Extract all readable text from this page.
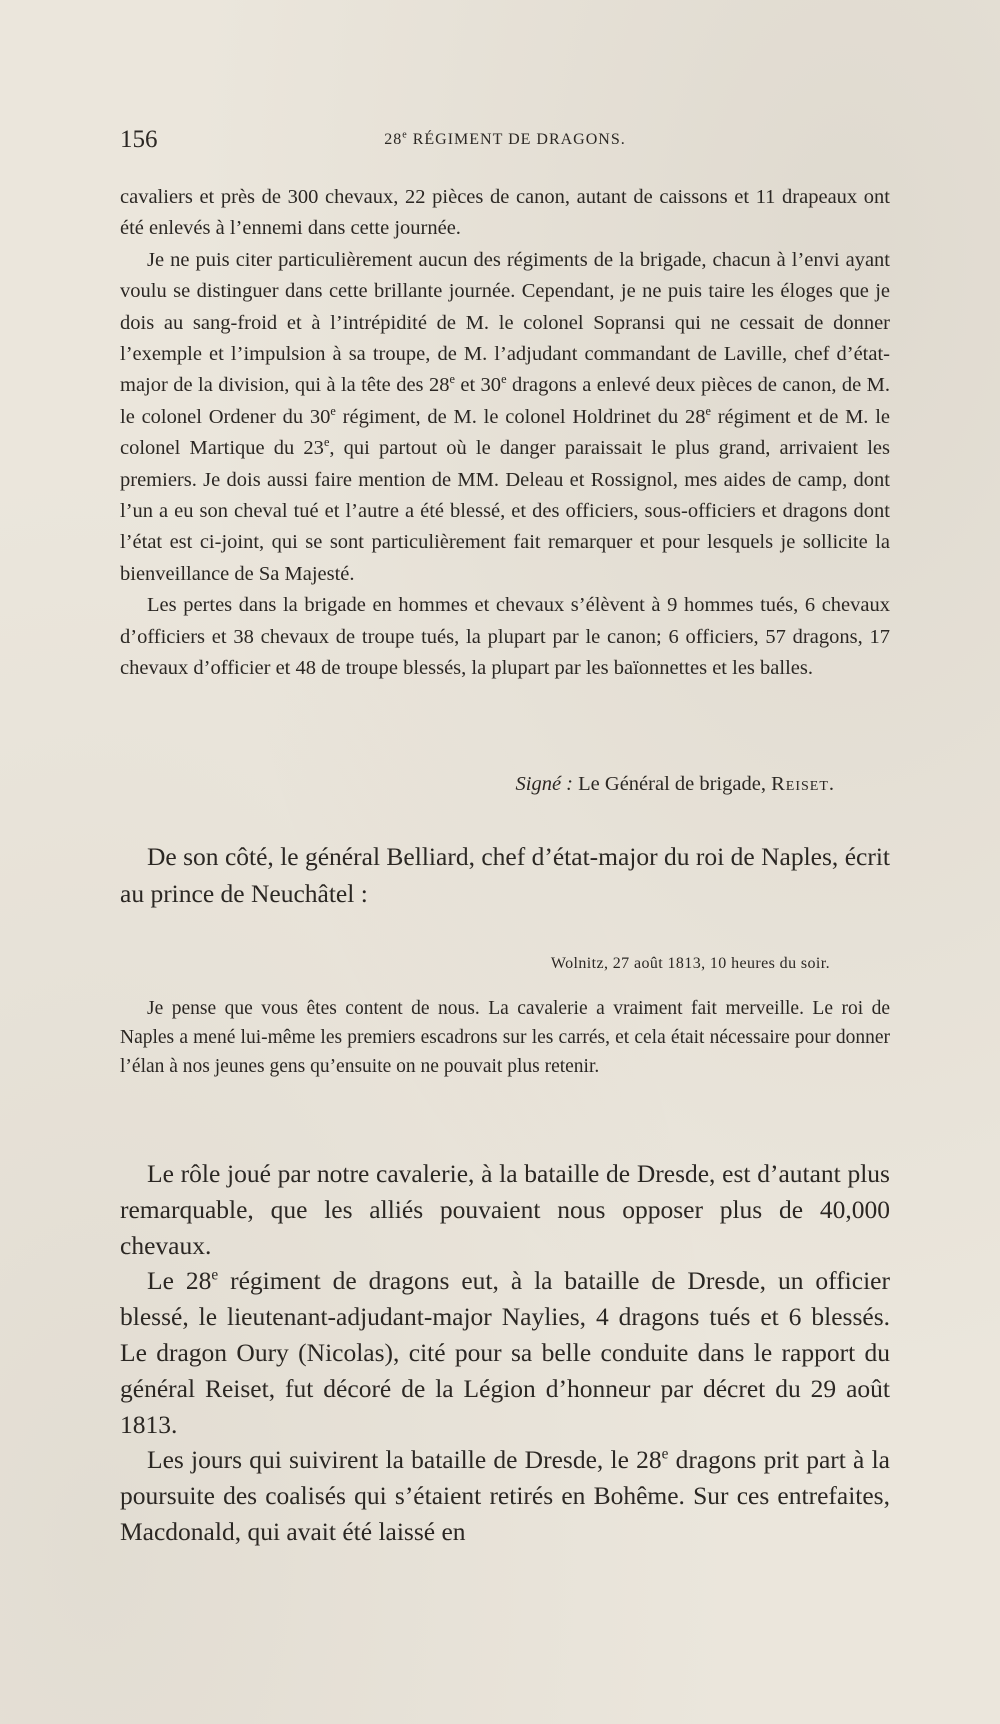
156	28e RÉGIMENT DE DRAGONS.

cavaliers et près de 300 chevaux, 22 pièces de canon, autant de caissons et 11 drapeaux ont été enlevés à l’ennemi dans cette journée.

Je ne puis citer particulièrement aucun des régiments de la brigade, chacun à l’envi ayant voulu se distinguer dans cette brillante journée. Cependant, je ne puis taire les éloges que je dois au sang-froid et à l’intrépidité de M. le colonel Sopransi qui ne cessait de donner l’exemple et l’impulsion à sa troupe, de M. l’adjudant commandant de Laville, chef d’état-major de la division, qui à la tête des 28e et 30e dragons a enlevé deux pièces de canon, de M. le colonel Ordener du 30e régiment, de M. le colonel Holdrinet du 28e régiment et de M. le colonel Martique du 23e, qui partout où le danger paraissait le plus grand, arrivaient les premiers. Je dois aussi faire mention de MM. Deleau et Rossignol, mes aides de camp, dont l’un a eu son cheval tué et l’autre a été blessé, et des officiers, sous-officiers et dragons dont l’état est ci-joint, qui se sont particulièrement fait remarquer et pour lesquels je sollicite la bienveillance de Sa Majesté.

Les pertes dans la brigade en hommes et chevaux s’élèvent à 9 hommes tués, 6 chevaux d’officiers et 38 chevaux de troupe tués, la plupart par le canon; 6 officiers, 57 dragons, 17 chevaux d’officier et 48 de troupe blessés, la plupart par les baïonnettes et les balles.

Signé : Le Général de brigade, Reiset.

De son côté, le général Belliard, chef d’état-major du roi de Naples, écrit au prince de Neuchâtel :

Wolnitz, 27 août 1813, 10 heures du soir.

Je pense que vous êtes content de nous. La cavalerie a vraiment fait merveille. Le roi de Naples a mené lui-même les premiers escadrons sur les carrés, et cela était nécessaire pour donner l’élan à nos jeunes gens qu’ensuite on ne pouvait plus retenir.

Le rôle joué par notre cavalerie, à la bataille de Dresde, est d’autant plus remarquable, que les alliés pouvaient nous opposer plus de 40,000 chevaux.

Le 28e régiment de dragons eut, à la bataille de Dresde, un officier blessé, le lieutenant-adjudant-major Naylies, 4 dragons tués et 6 blessés. Le dragon Oury (Nicolas), cité pour sa belle conduite dans le rapport du général Reiset, fut décoré de la Légion d’honneur par décret du 29 août 1813.

Les jours qui suivirent la bataille de Dresde, le 28e dragons prit part à la poursuite des coalisés qui s’étaient retirés en Bohême. Sur ces entrefaites, Macdonald, qui avait été laissé en
